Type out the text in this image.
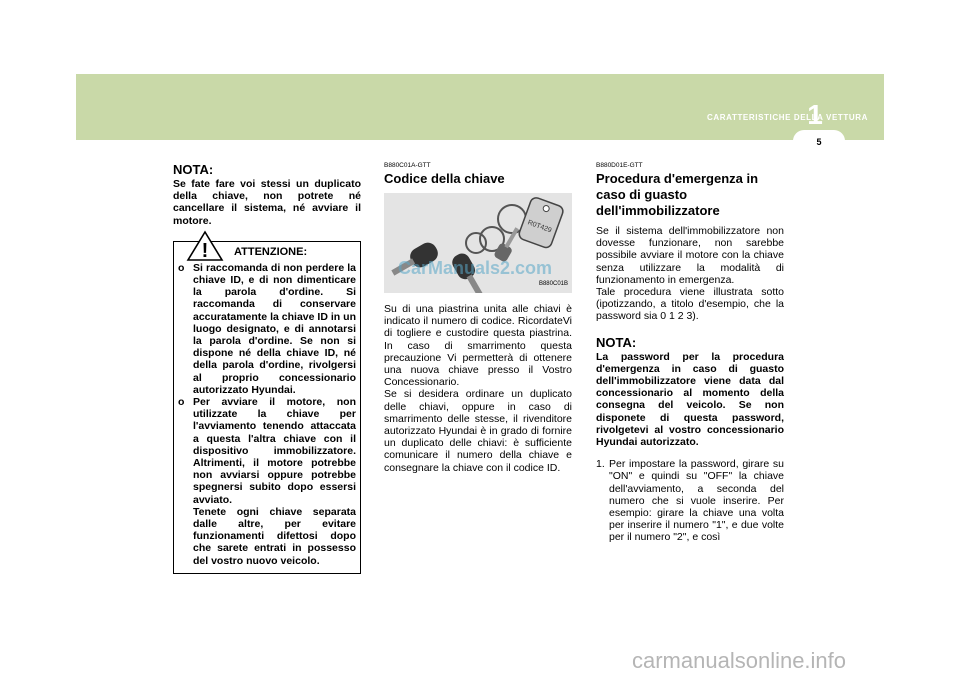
CARATTERISTICHE DELLA VETTURA
1
5
NOTA:
Se fate fare voi stessi un duplicato della chiave, non potrete né cancellare il sistema, né avviare il motore.
! ATTENZIONE:
o Si raccomanda di non perdere la chiave ID, e di non dimenticare la parola d'ordine. Si raccomanda di conservare accuratamente la chiave ID in un luogo designato, e di annotarsi la parola d'ordine. Se non si dispone né della chiave ID, né della parola d'ordine, rivolgersi al proprio concessionario autorizzato Hyundai.
o Per avviare il motore, non utilizzate la chiave per l'avviamento tenendo attaccata a questa l'altra chiave con il dispositivo immobilizzatore. Altrimenti, il motore potrebbe non avviarsi oppure potrebbe spegnersi subito dopo essersi avviato.
Tenete ogni chiave separata dalle altre, per evitare funzionamenti difettosi dopo che sarete entrati in possesso del vostro nuovo veicolo.
B880C01A-GTT
Codice della chiave
R0T429
B880C01B
Su di una piastrina unita alle chiavi è indicato il numero di codice. RicordateVi di togliere e custodire questa piastrina. In caso di smarrimento questa precauzione Vi permetterà di ottenere una nuova chiave presso il Vostro Concessionario.
Se si desidera ordinare un duplicato delle chiavi, oppure in caso di smarrimento delle stesse, il rivenditore autorizzato Hyundai è in grado di fornire un duplicato delle chiavi: è sufficiente comunicare il numero della chiave e consegnare la chiave con il codice ID.
B880D01E-GTT
Procedura d'emergenza in caso di guasto dell'immobilizzatore
Se il sistema dell'immobilizzatore non dovesse funzionare, non sarebbe possibile avviare il motore con la chiave senza utilizzare la modalità di funzionamento in emergenza.
Tale procedura viene illustrata sotto (ipotizzando, a titolo d'esempio, che la password sia 0 1 2 3).
NOTA:
La password per la procedura d'emergenza in caso di guasto dell'immobilizzatore viene data dal concessionario al momento della consegna del veicolo. Se non disponete di questa password, rivolgetevi al vostro concessionario Hyundai autorizzato.
1. Per impostare la password, girare su "ON" e quindi su "OFF" la chiave dell'avviamento, a seconda del numero che si vuole inserire. Per esempio: girare la chiave una volta per inserire il numero "1", e due volte per il numero "2", e così
CarManuals2.com
carmanualsonline.info
